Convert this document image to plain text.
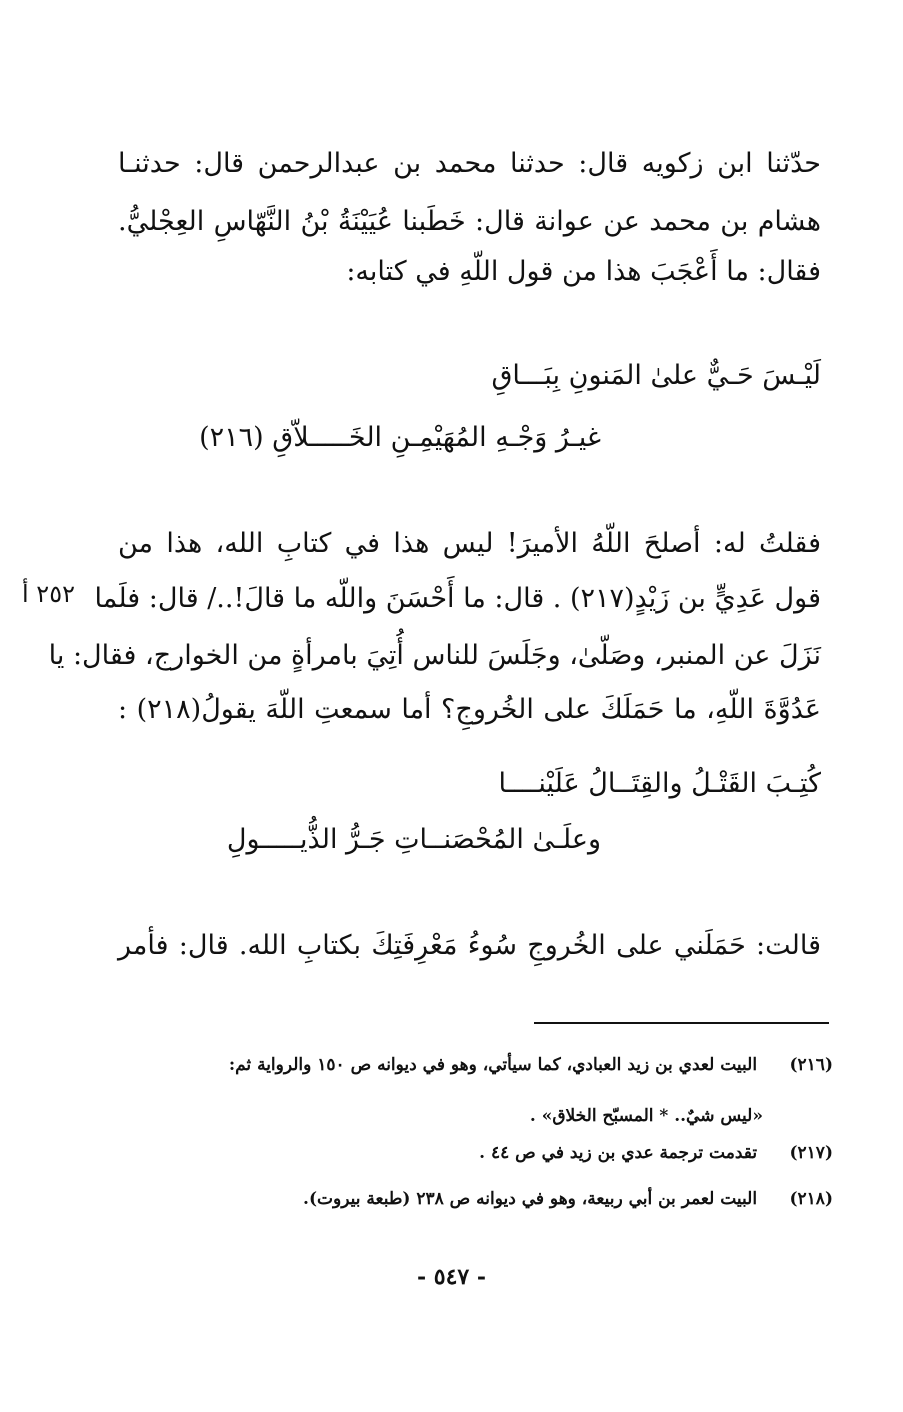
حدّثنا ابن زكويه قال: حدثنا محمد بن عبدالرحمن قال: حدثنـا
هشام بن محمد عن عوانة قال: خَطَبنا عُيَيْنَةُ بْنُ النَّهّاسِ العِجْليُّ.
فقال: ما أَعْجَبَ هذا من قول اللّهِ في كتابه:
لَيْـسَ حَـيٌّ علىٰ المَنونِ بِبَـــاقِ
غيـرُ وَجْـهِ المُهَيْمِـنِ الخَـــــلاّقِ (٢١٦)
فقلتُ له: أصلحَ اللّهُ الأميرَ! ليس هذا في كتابِ الله، هذا من
قول عَدِيٍّ بن زَيْدٍ(٢١٧) . قال: ما أَحْسَنَ واللّه ما قالَ!../ قال: فلَما
نَزَلَ عن المنبر، وصَلّىٰ، وجَلَسَ للناس أُتِيَ بامرأةٍ من الخوارج، فقال: يا
عَدُوَّةَ اللّهِ، ما حَمَلَكَ على الخُروجِ؟ أما سمعتِ اللّهَ يقولُ(٢١٨) :
كُتِـبَ القَتْـلُ والقِتَــالُ عَلَيْنــــا
وعلَـىٰ المُحْصَنــاتِ جَـرُّ الذُّيـــــولِ
قالت: حَمَلَني على الخُروجِ سُوءُ مَعْرِفَتِكَ بكتابِ الله. قال: فأمر
٢٥٢ أ
(٢١٦) البيت لعدي بن زيد العبادي، كما سيأتي، وهو في ديوانه ص ١٥٠ والرواية ثم:
«ليس شيٌ.. * المسبّح الخلاق» .
(٢١٧) تقدمت ترجمة عدي بن زيد في ص ٤٤ .
(٢١٨) البيت لعمر بن أبي ربيعة، وهو في ديوانه ص ٢٣٨ (طبعة بيروت).
- ٥٤٧ -
